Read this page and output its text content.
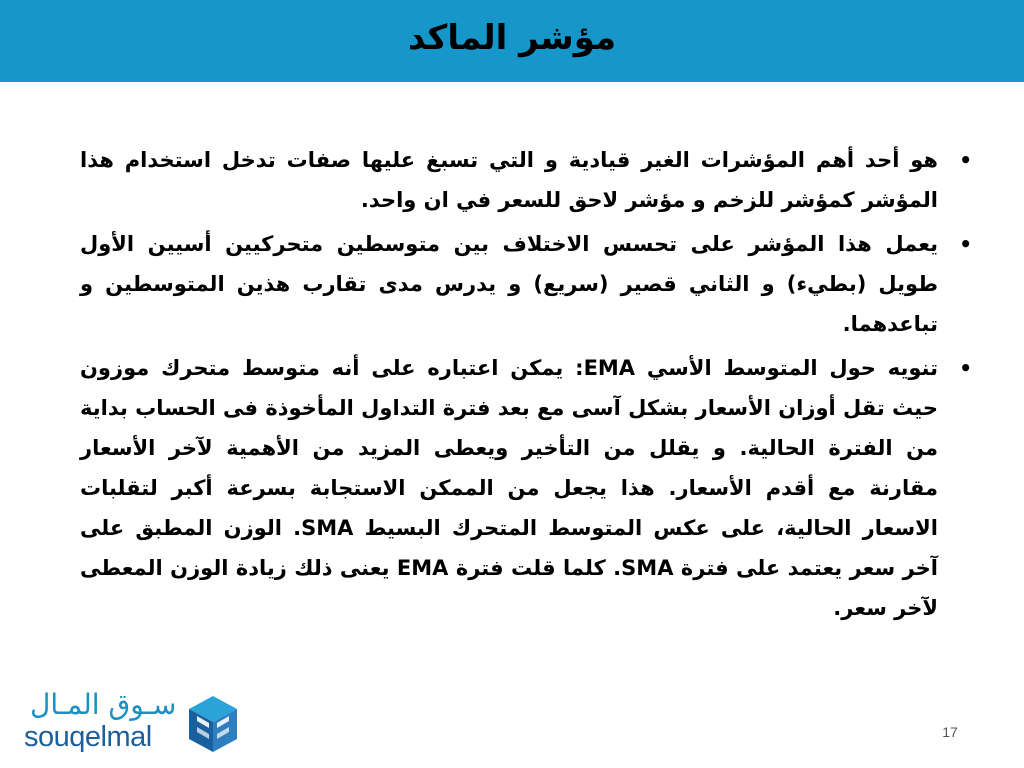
مؤشر الماكد
•
هو أحد أهم المؤشرات الغير قيادية و التي تسبغ عليها صفات تدخل استخدام هذا المؤشر كمؤشر للزخم و مؤشر لاحق للسعر في ان واحد.
•
يعمل هذا المؤشر على تحسس الاختلاف بين متوسطين متحركيين أسيين الأول طويل (بطيء) و الثاني قصير (سريع) و يدرس مدى تقارب هذين المتوسطين و تباعدهما.
•
تنويه حول المتوسط الأسي EMA: يمكن اعتباره على أنه متوسط متحرك موزون حيث تقل أوزان الأسعار بشكل آسى مع بعد فترة التداول المأخوذة فى الحساب بداية من الفترة الحالية. و يقلل من التأخير ويعطى المزيد من الأهمية لآخر الأسعار مقارنة مع أقدم الأسعار. هذا يجعل من الممكن الاستجابة بسرعة أكبر لتقلبات الاسعار الحالية، على عكس المتوسط المتحرك البسيط SMA. الوزن المطبق على آخر سعر يعتمد على فترة SMA. كلما قلت فترة EMA يعنى ذلك زيادة الوزن المعطى لآخر سعر.
سـوق المـال
souqelmal	17
